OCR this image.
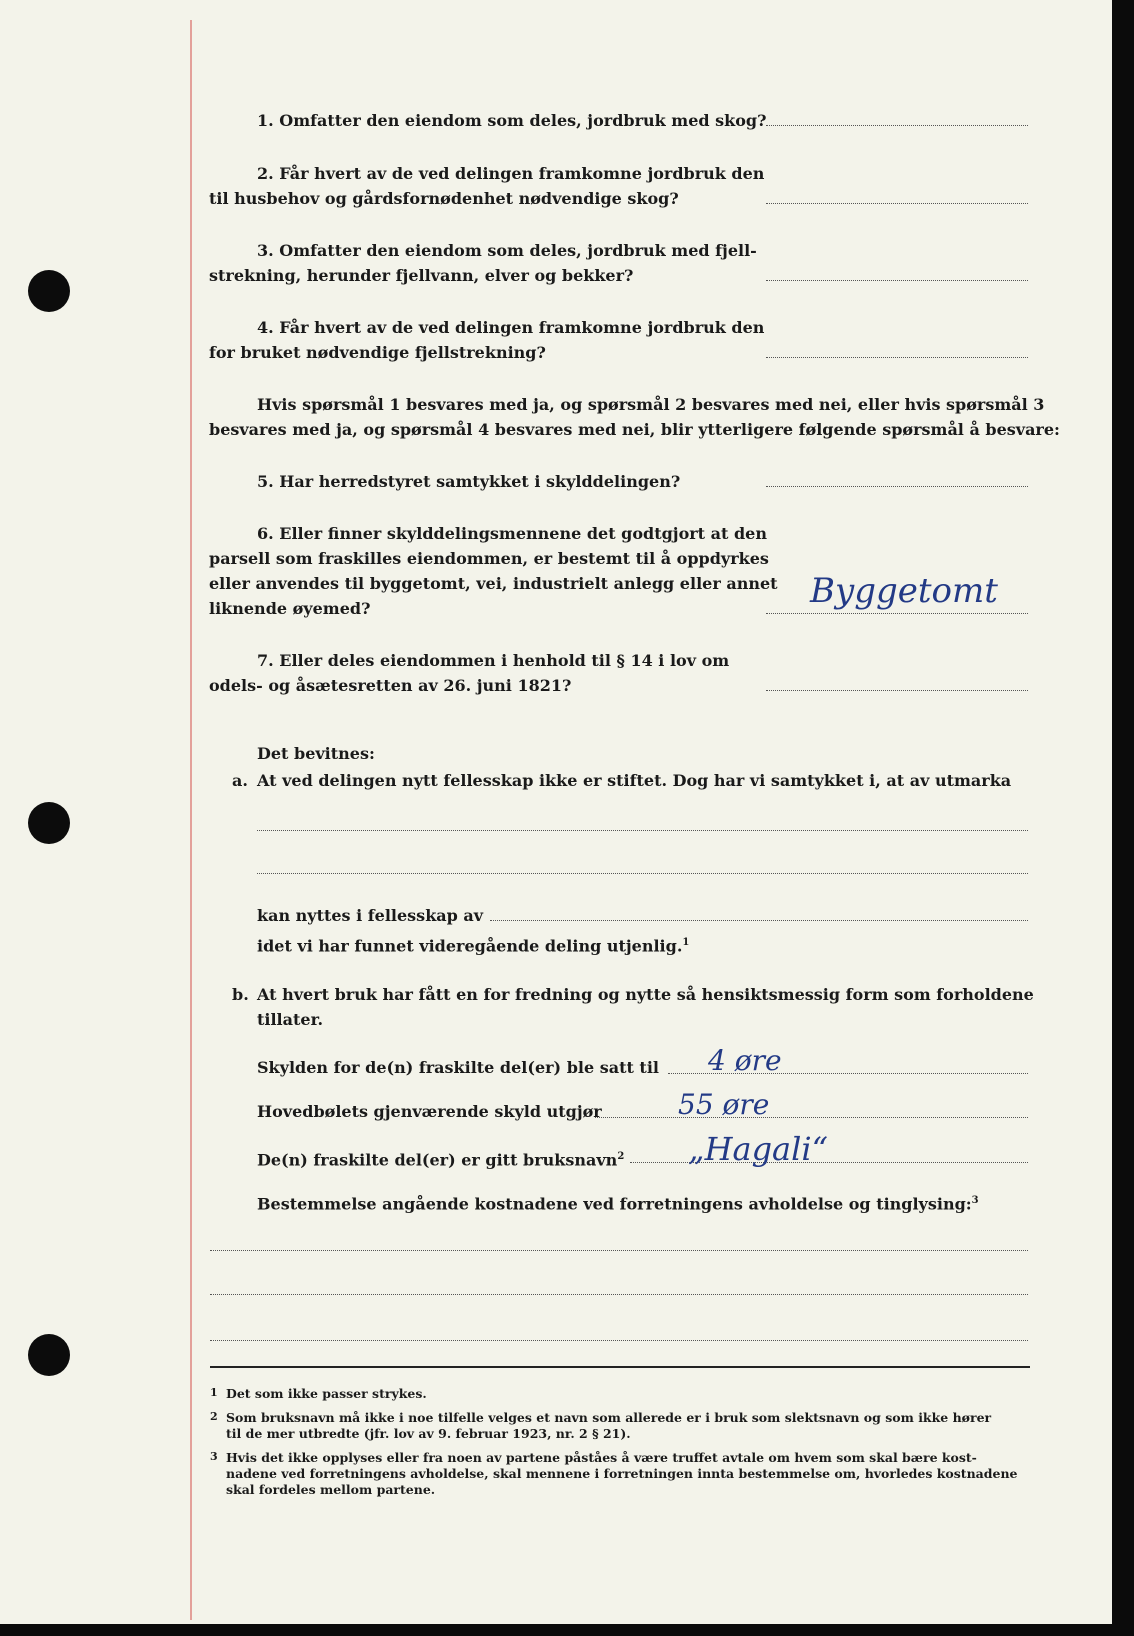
1. Omfatter den eiendom som deles, jordbruk med skog?
2. Får hvert av de ved delingen framkomne jordbruk den
til husbehov og gårdsfornødenhet nødvendige skog?
3. Omfatter den eiendom som deles, jordbruk med fjell-
strekning, herunder fjellvann, elver og bekker?
4. Får hvert av de ved delingen framkomne jordbruk den
for bruket nødvendige fjellstrekning?
Hvis spørsmål 1 besvares med ja, og spørsmål 2 besvares med nei, eller hvis spørsmål 3
besvares med ja, og spørsmål 4 besvares med nei, blir ytterligere følgende spørsmål å besvare:
5. Har herredstyret samtykket i skylddelingen?
6. Eller finner skylddelingsmennene det godtgjort at den
parsell som fraskilles eiendommen, er bestemt til å oppdyrkes
eller anvendes til byggetomt, vei, industrielt anlegg eller annet
liknende øyemed?	Byggetomt
7. Eller deles eiendommen i henhold til § 14 i lov om
odels- og åsætesretten av 26. juni 1821?
Det bevitnes:
a. At ved delingen nytt fellesskap ikke er stiftet. Dog har vi samtykket i, at av utmarka
kan nyttes i fellesskap av
idet vi har funnet videregående deling utjenlig.$^1$
b. At hvert bruk har fått en for fredning og nytte så hensiktsmessig form som forholdene
tillater.
Skylden for de(n) fraskilte del(er) ble satt til 4 øre
Hovedbølets gjenværende skyld utgjør	55 øre
De(n) fraskilte del(er) er gitt bruksnavn$^2$ „Hagali“
Bestemmelse angående kostnadene ved forretningens avholdelse og tinglysing:$^3$
1 Det som ikke passer strykes.
2 Som bruksnavn må ikke i noe tilfelle velges et navn som allerede er i bruk som slektsnavn og som ikke hører
til de mer utbredte (jfr. lov av 9. februar 1923, nr. 2 § 21).
3 Hvis det ikke opplyses eller fra noen av partene påståes å være truffet avtale om hvem som skal bære kost-
nadene ved forretningens avholdelse, skal mennene i forretningen innta bestemmelse om, hvorledes kostnadene
skal fordeles mellom partene.
